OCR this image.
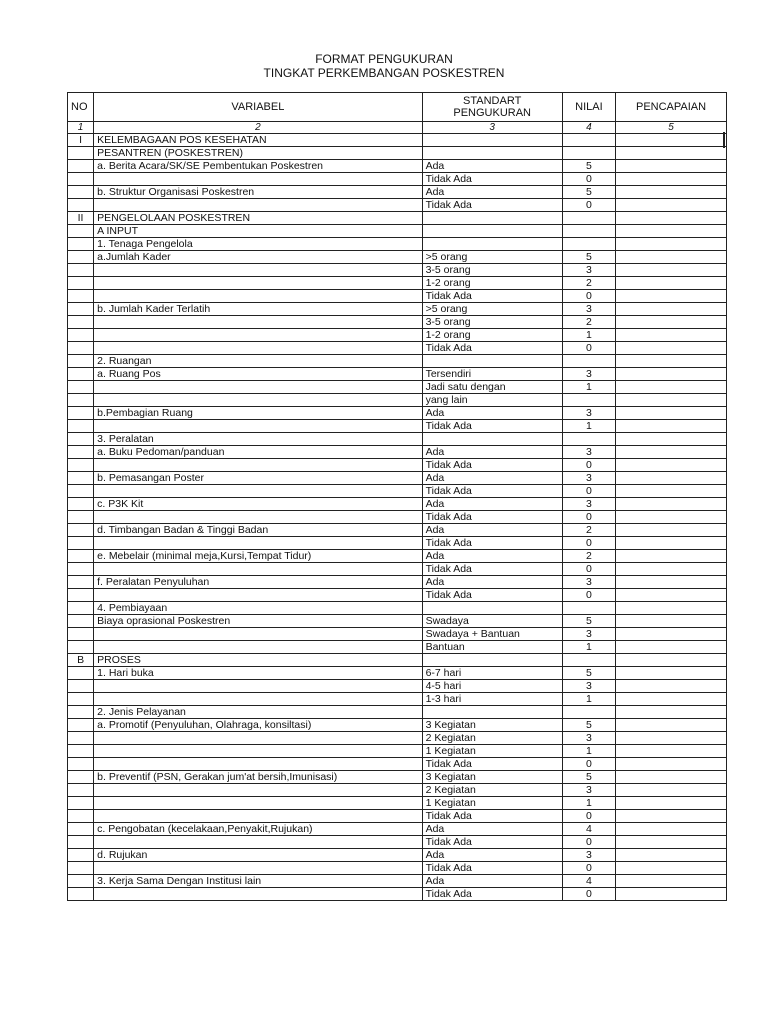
FORMAT PENGUKURAN
TINGKAT PERKEMBANGAN POSKESTREN
NO	VARIABEL	STANDART PENGUKURAN	NILAI	PENCAPAIAN
1	2	3	4	5
I	KELEMBAGAAN POS KESEHATAN			
	PESANTREN (POSKESTREN)			
	a. Berita Acara/SK/SE Pembentukan Poskestren	Ada	5	
		Tidak Ada	0	
	b. Struktur Organisasi Poskestren	Ada	5	
		Tidak Ada	0	
II	PENGELOLAAN POSKESTREN			
	A INPUT			
	1. Tenaga Pengelola			
	a.Jumlah Kader	>5 orang	5	
		3-5 orang	3	
		1-2 orang	2	
		Tidak Ada	0	
	b. Jumlah Kader Terlatih	>5 orang	3	
		3-5 orang	2	
		1-2 orang	1	
		Tidak Ada	0	
	2. Ruangan			
	a. Ruang Pos	Tersendiri	3	
		Jadi satu dengan	1	
		yang lain		
	b.Pembagian Ruang	Ada	3	
		Tidak Ada	1	
	3. Peralatan			
	a. Buku Pedoman/panduan	Ada	3	
		Tidak Ada	0	
	b. Pemasangan Poster	Ada	3	
		Tidak Ada	0	
	c. P3K Kit	Ada	3	
		Tidak Ada	0	
	d. Timbangan Badan & Tinggi Badan	Ada	2	
		Tidak Ada	0	
	e. Mebelair (minimal meja,Kursi,Tempat Tidur)	Ada	2	
		Tidak Ada	0	
	f. Peralatan Penyuluhan	Ada	3	
		Tidak Ada	0	
	4. Pembiayaan			
	Biaya oprasional Poskestren	Swadaya	5	
		Swadaya + Bantuan	3	
		Bantuan	1	
B	PROSES			
	1. Hari buka	6-7 hari	5	
		4-5 hari	3	
		1-3 hari	1	
	2. Jenis Pelayanan			
	a. Promotif (Penyuluhan, Olahraga, konsiltasi)	3 Kegiatan	5	
		2 Kegiatan	3	
		1 Kegiatan	1	
		Tidak Ada	0	
	b. Preventif (PSN, Gerakan jum'at bersih,Imunisasi)	3 Kegiatan	5	
		2 Kegiatan	3	
		1 Kegiatan	1	
		Tidak Ada	0	
	c. Pengobatan (kecelakaan,Penyakit,Rujukan)	Ada	4	
		Tidak Ada	0	
	d. Rujukan	Ada	3	
		Tidak Ada	0	
	3. Kerja Sama Dengan Institusi lain	Ada	4	
		Tidak Ada	0	
